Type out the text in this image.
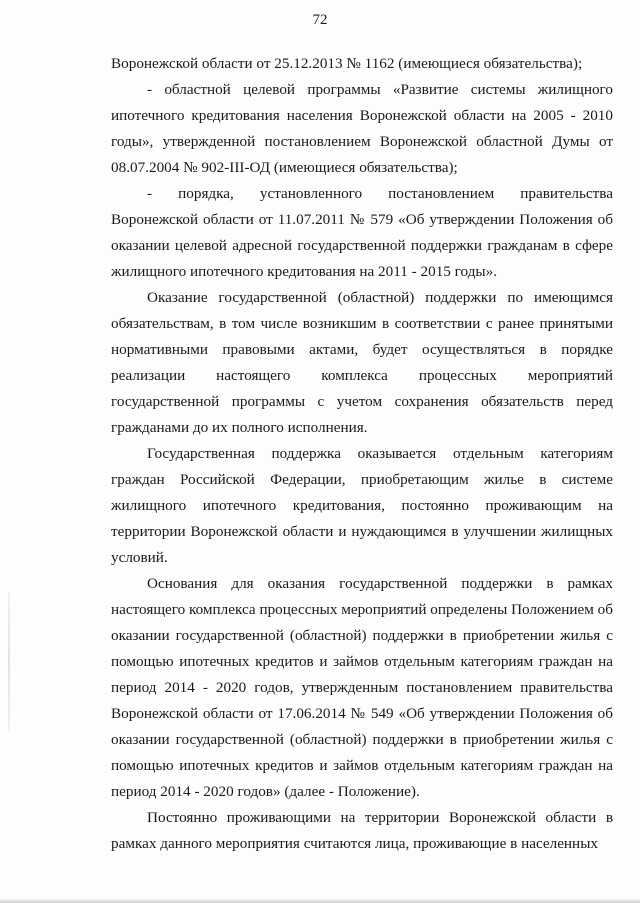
72

Воронежской области от 25.12.2013 № 1162 (имеющиеся обязательства);

- областной целевой программы «Развитие системы жилищного ипотечного кредитования населения Воронежской области на 2005 - 2010 годы», утвержденной постановлением Воронежской областной Думы от 08.07.2004 № 902-III-ОД (имеющиеся обязательства);

- порядка, установленного постановлением правительства Воронежской области от 11.07.2011 № 579 «Об утверждении Положения об оказании целевой адресной государственной поддержки гражданам в сфере жилищного ипотечного кредитования на 2011 - 2015 годы».

Оказание государственной (областной) поддержки по имеющимся обязательствам, в том числе возникшим в соответствии с ранее принятыми нормативными правовыми актами, будет осуществляться в порядке реализации настоящего комплекса процессных мероприятий государственной программы с учетом сохранения обязательств перед гражданами до их полного исполнения.

Государственная поддержка оказывается отдельным категориям граждан Российской Федерации, приобретающим жилье в системе жилищного ипотечного кредитования, постоянно проживающим на территории Воронежской области и нуждающимся в улучшении жилищных условий.

Основания для оказания государственной поддержки в рамках настоящего комплекса процессных мероприятий определены Положением об оказании государственной (областной) поддержки в приобретении жилья с помощью ипотечных кредитов и займов отдельным категориям граждан на период 2014 - 2020 годов, утвержденным постановлением правительства Воронежской области от 17.06.2014 № 549 «Об утверждении Положения об оказании государственной (областной) поддержки в приобретении жилья с помощью ипотечных кредитов и займов отдельным категориям граждан на период 2014 - 2020 годов» (далее - Положение).

Постоянно проживающими на территории Воронежской области в рамках данного мероприятия считаются лица, проживающие в населенных
